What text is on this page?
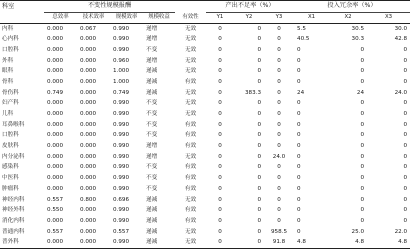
科室	不变性规模报酬					产出不足率（%）			投入冗余率（%）		
	总效率	技术效率	规模效率	规模收益	有效性	Y1	Y2	Y3	X1	X2	X3
内科	0.000	0.067	0.990	递增	无效	0	0	0	5.5	30.5	30.0
心内科	0.000	0.000	0.990	递增	无效	0	0	0	40.5	30.3	42.8
口腔科	0.000	0.000	0.990	不变	无效	0	0	0	0	0	0
外科	0.000	0.000	0.960	递增	无效	0	0	0	0	0	0
眼科	0.000	0.000	1.000	递减	无效	0	0	0	0	0	0
骨科	0.000	0.000	1.000	递减	有效	0	0	0	0	0	0
骨伤科	0.749	0.000	0.749	递减	无效	0	383.3	0	24	24	24.0
妇产科	0.000	0.000	0.990	不变	无效	0	0	0	0	0	0
儿科	0.000	0.000	0.990	不变	无效	0	0	0	0	0	0
耳鼻喉科	0.000	0.000	0.990	不变	有效	0	0	0	0	0	0
口腔科	0.000	0.000	0.990	不变	有效	0	0	0	0	0	0
皮肤科	0.000	0.000	0.990	递增	有效	0	0	0	0	0	0
内分泌科	0.000	0.000	0.990	递增	无效	0	0	24.0	0	0	0
感染科	0.000	0.000	0.990	不变	有效	0	0	0	0	0	0
中医科	0.000	0.000	0.990	不变	有效	0	0	0	0	0	0
肿瘤科	0.000	0.000	0.990	不变	有效	0	0	0	0	0	0
神经内科	0.557	0.800	0.696	递减	无效	0	0	0	0	0	0
神经外科	0.550	0.000	0.990	递减	有效	0	0	0	0	0	0
消化内科	0.000	0.000	0.990	递减	有效	0	0	0	0	0	0
普通内科	0.557	0.000	0.557	递减	无效	0	0	958.5	0	25.0	22.0
普外科	0.000	0.000	0.990	递减	无效	0	0	91.8	4.8	4.8	4.8
